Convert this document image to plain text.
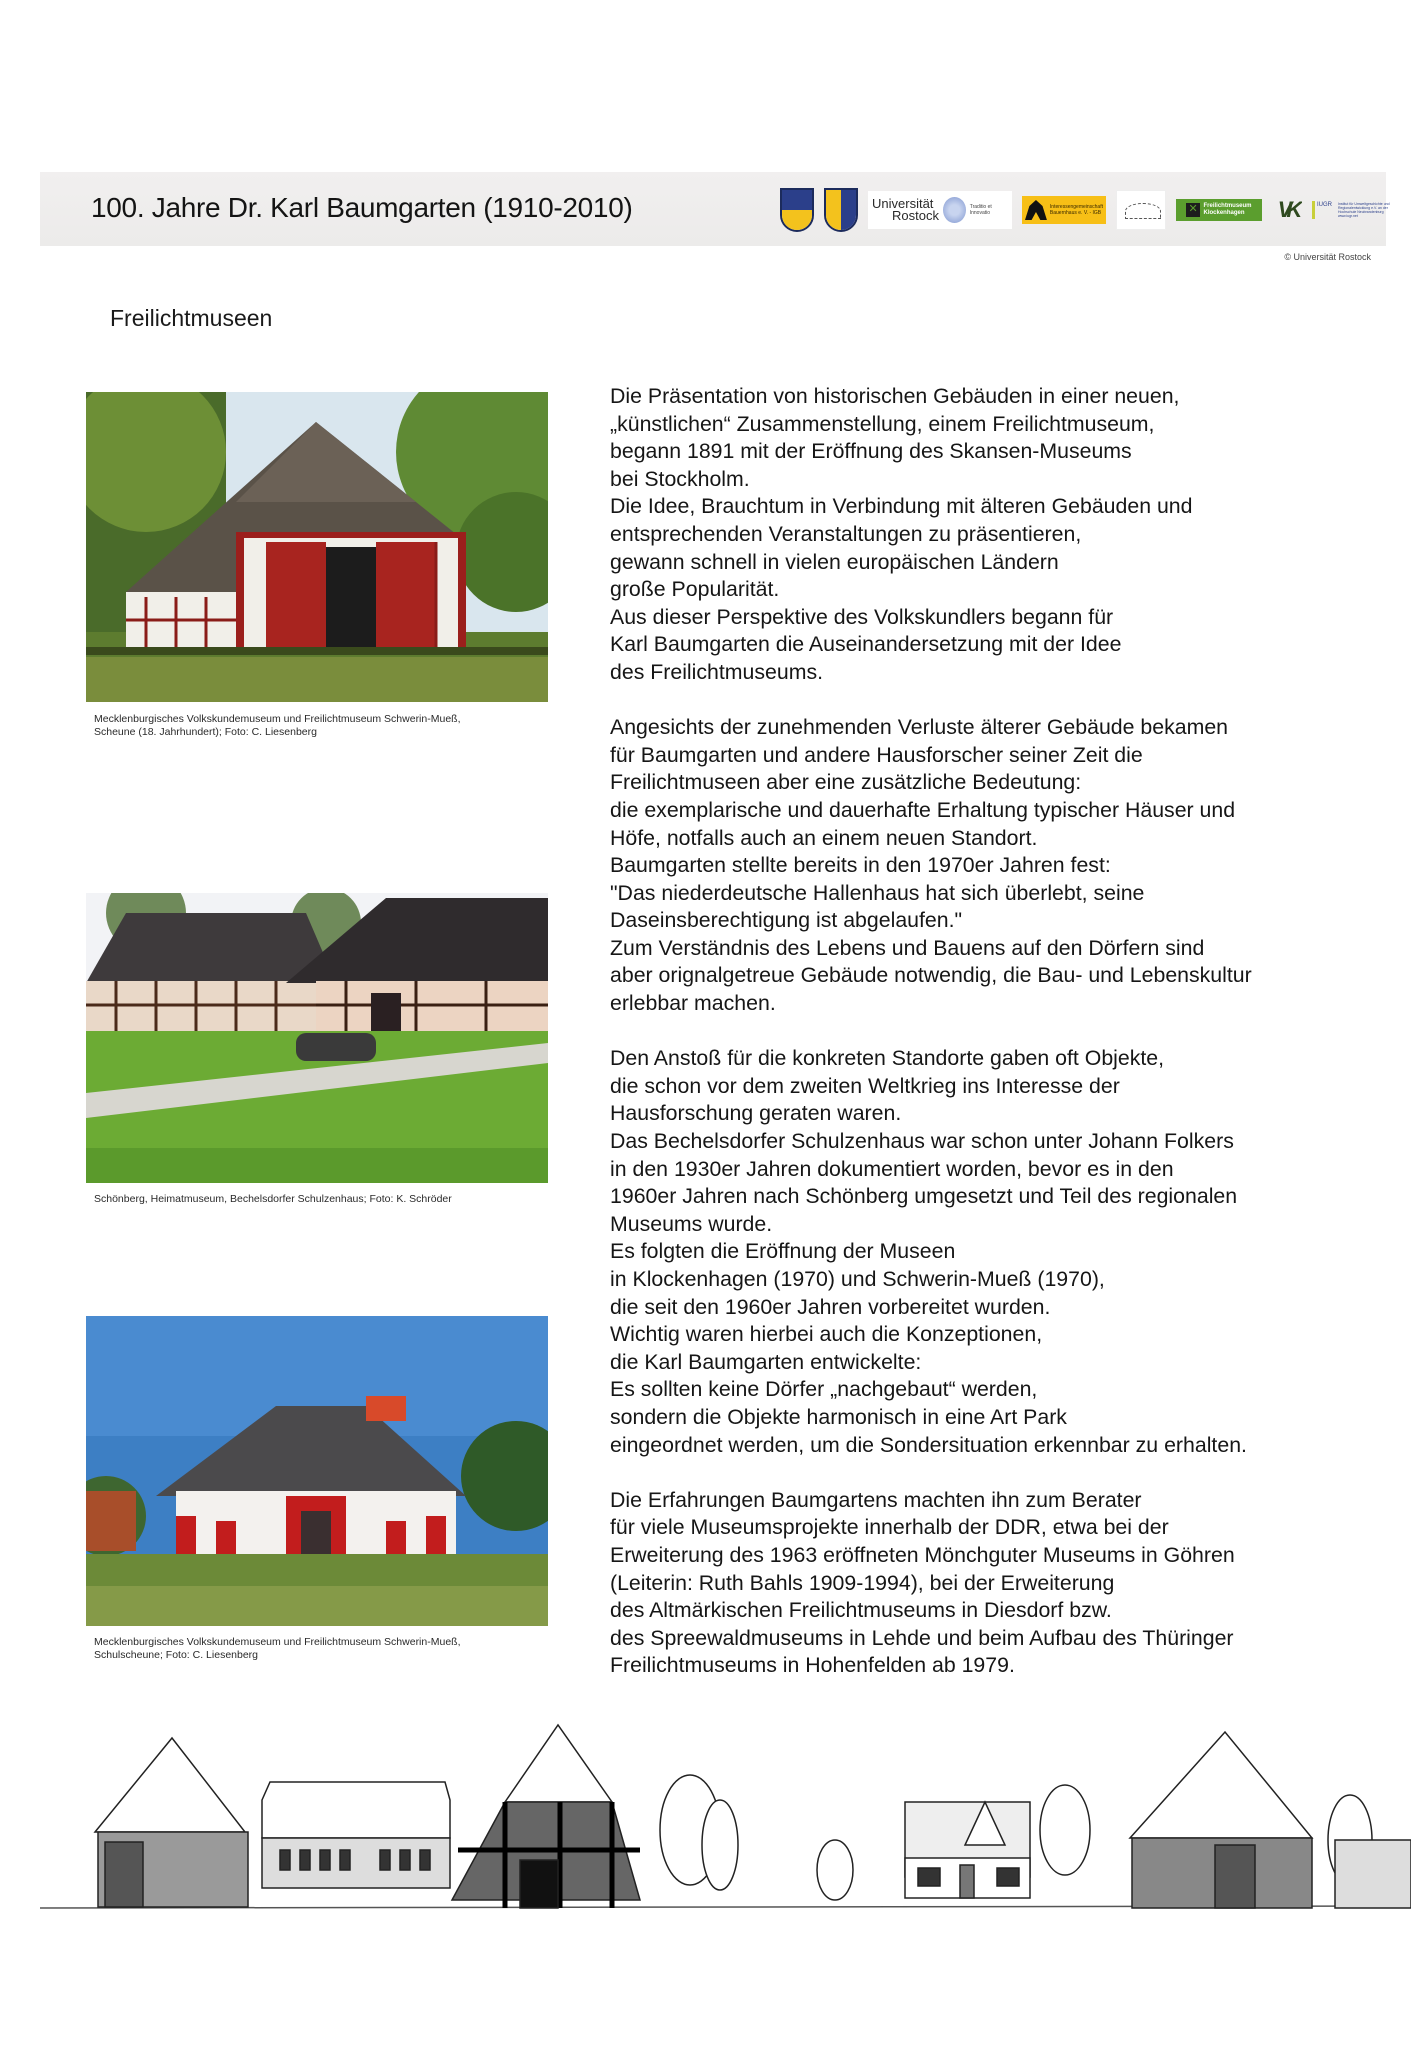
100. Jahre Dr. Karl Baumgarten (1910-2010)	Universität
Rostock
Traditio et Innovatio
Interessengemeinschaft
Bauernhaus e. V. - IGB
✕
Freilichtmuseum
Klockenhagen	VK	IUGR	Institut für Umweltgeschichte und Regionalentwicklung e.V. an der Hochschule Neubrandenburg www.iugr.net
© Universität Rostock
Freilichtmuseen
Mecklenburgisches Volkskundemuseum und Freilichtmuseum Schwerin-Mueß,
Scheune (18. Jahrhundert); Foto: C. Liesenberg
Schönberg, Heimatmuseum, Bechelsdorfer Schulzenhaus; Foto: K. Schröder
Mecklenburgisches Volkskundemuseum und Freilichtmuseum Schwerin-Mueß,
Schulscheune; Foto: C. Liesenberg
Die Präsentation von historischen Gebäuden in einer neuen,
„künstlichen“ Zusammenstellung, einem Freilichtmuseum,
begann 1891 mit der Eröffnung des Skansen-Museums
bei Stockholm.
Die Idee, Brauchtum in Verbindung mit älteren Gebäuden und
entsprechenden Veranstaltungen zu präsentieren,
gewann schnell in vielen europäischen Ländern
große Popularität.
Aus dieser Perspektive des Volkskundlers begann für
Karl Baumgarten die Auseinandersetzung mit der Idee
des Freilichtmuseums.
Angesichts der zunehmenden Verluste älterer Gebäude bekamen
für Baumgarten und andere Hausforscher seiner Zeit die
Freilichtmuseen aber eine zusätzliche Bedeutung:
die exemplarische und dauerhafte Erhaltung typischer Häuser und
Höfe, notfalls auch an einem neuen Standort.
Baumgarten stellte bereits in den 1970er Jahren fest:
"Das niederdeutsche Hallenhaus hat sich überlebt, seine
Daseinsberechtigung ist abgelaufen."
Zum Verständnis des Lebens und Bauens auf den Dörfern sind
aber orignalgetreue Gebäude notwendig, die Bau- und Lebenskultur
erlebbar machen.
Den Anstoß für die konkreten Standorte gaben oft Objekte,
die schon vor dem zweiten Weltkrieg ins Interesse der
Hausforschung geraten waren.
Das Bechelsdorfer Schulzenhaus war schon unter Johann Folkers
in den 1930er Jahren dokumentiert worden, bevor es in den
1960er Jahren nach Schönberg umgesetzt und Teil des regionalen
Museums wurde.
Es folgten die Eröffnung der Museen
in Klockenhagen (1970) und Schwerin-Mueß (1970),
die seit den 1960er Jahren vorbereitet wurden.
Wichtig waren hierbei auch die Konzeptionen,
die Karl Baumgarten entwickelte:
Es sollten keine Dörfer „nachgebaut“ werden,
sondern die Objekte harmonisch in eine Art Park
eingeordnet werden, um die Sondersituation erkennbar zu erhalten.
Die Erfahrungen Baumgartens machten ihn zum Berater
für viele Museumsprojekte innerhalb der DDR, etwa bei der
Erweiterung des 1963 eröffneten Mönchguter Museums in Göhren
(Leiterin: Ruth Bahls 1909-1994), bei der Erweiterung
des Altmärkischen Freilichtmuseums in Diesdorf bzw.
des Spreewaldmuseums in Lehde und beim Aufbau des Thüringer
Freilichtmuseums in Hohenfelden ab 1979.
